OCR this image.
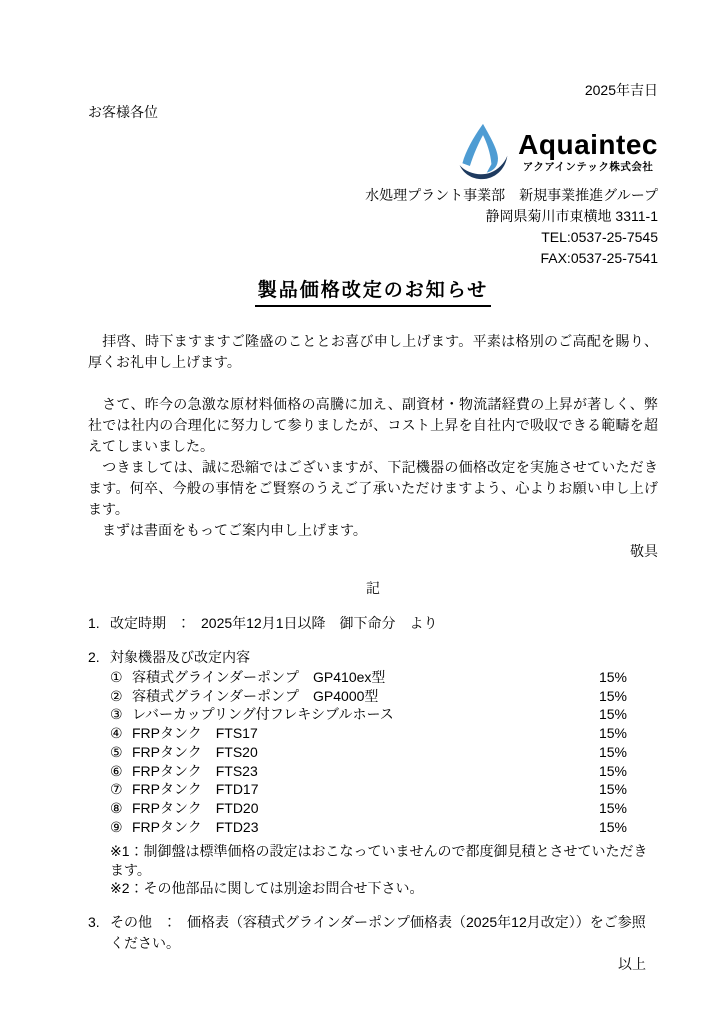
2025年吉日
お客様各位
Aquaintec
アクアインテック株式会社
水処理プラント事業部　新規事業推進グループ
静岡県菊川市東横地 3311-1
TEL:0537-25-7545
FAX:0537-25-7541
製品価格改定のお知らせ

　拝啓、時下ますますご隆盛のこととお喜び申し上げます。平素は格別のご高配を賜り、厚くお礼申し上げます。

　さて、昨今の急激な原材料価格の高騰に加え、副資材・物流諸経費の上昇が著しく、弊社では社内の合理化に努力して参りましたが、コスト上昇を自社内で吸収できる範疇を超えてしまいました。

　つきましては、誠に恐縮ではございますが、下記機器の価格改定を実施させていただきます。何卒、今般の事情をご賢察のうえご了承いただけますよう、心よりお願い申し上げます。

　まずは書面をもってご案内申し上げます。

敬具
記
1. 改定時期　：　2025年12月1日以降　御下命分　より
2. 対象機器及び改定内容
① 容積式グラインダーポンプ　GP410ex型	15%
② 容積式グラインダーポンプ　GP4000型	15%
③ レバーカップリング付フレキシブルホース	15%
④ FRPタンク　FTS17	15%
⑤ FRPタンク　FTS20	15%
⑥ FRPタンク　FTS23	15%
⑦ FRPタンク　FTD17	15%
⑧ FRPタンク　FTD20	15%
⑨ FRPタンク　FTD23	15%

※1：制御盤は標準価格の設定はおこなっていませんので都度御見積とさせていただきます。

※2：その他部品に関しては別途お問合せ下さい。

3. その他　：　価格表（容積式グラインダーポンプ価格表（2025年12月改定））をご参照ください。
以上
